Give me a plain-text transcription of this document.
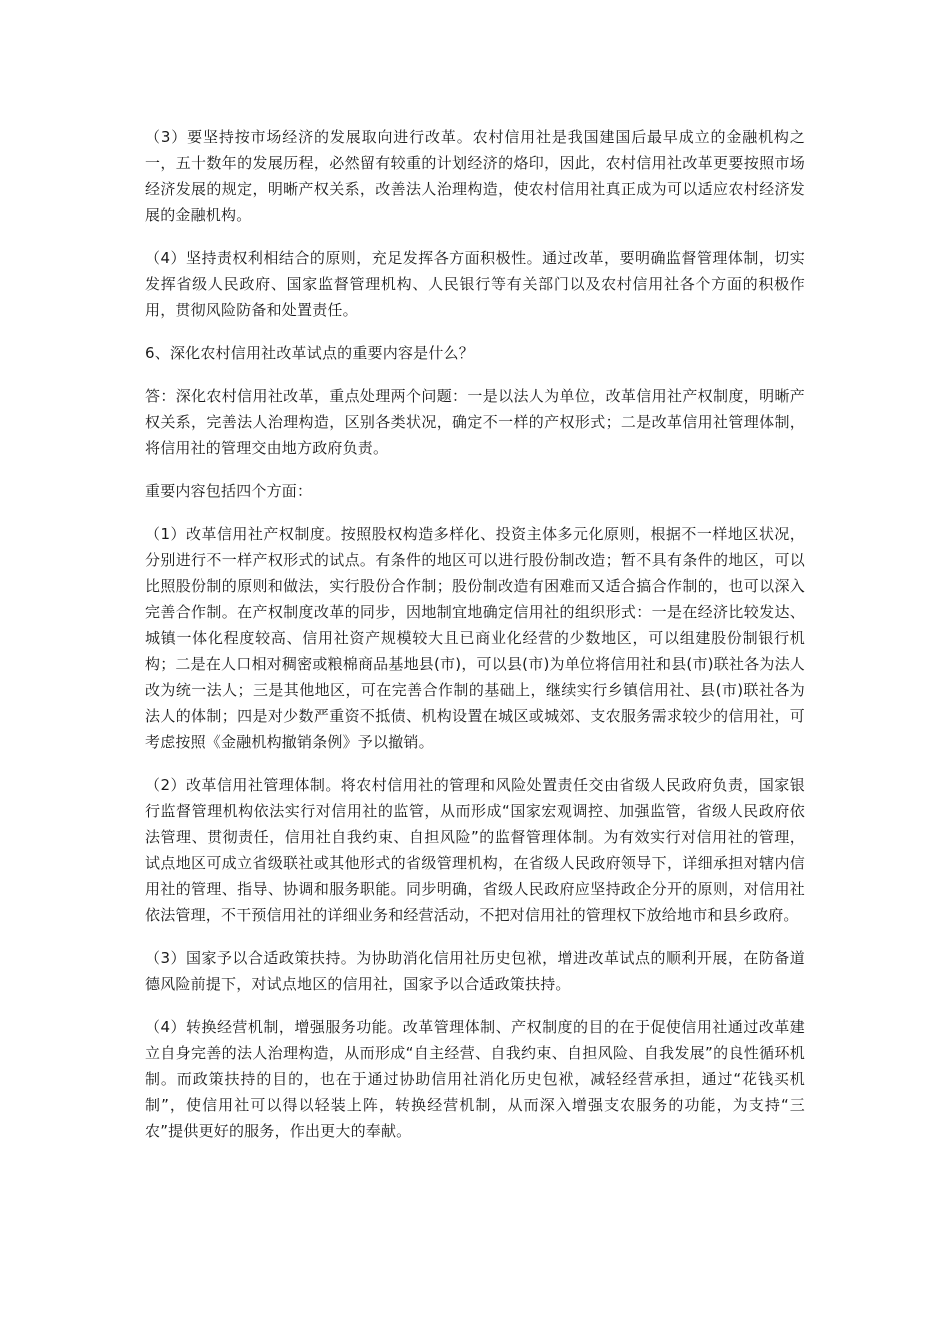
（3）要坚持按市场经济的发展取向进行改革。农村信用社是我国建国后最早成立的金融机构之一，五十数年的发展历程，必然留有较重的计划经济的烙印，因此，农村信用社改革更要按照市场经济发展的规定，明晰产权关系，改善法人治理构造，使农村信用社真正成为可以适应农村经济发展的金融机构。

（4）坚持责权利相结合的原则，充足发挥各方面积极性。通过改革，要明确监督管理体制，切实发挥省级人民政府、国家监督管理机构、人民银行等有关部门以及农村信用社各个方面的积极作用，贯彻风险防备和处置责任。

6、深化农村信用社改革试点的重要内容是什么？

答：深化农村信用社改革，重点处理两个问题：一是以法人为单位，改革信用社产权制度，明晰产权关系，完善法人治理构造，区别各类状况，确定不一样的产权形式；二是改革信用社管理体制，将信用社的管理交由地方政府负责。

重要内容包括四个方面：

（1）改革信用社产权制度。按照股权构造多样化、投资主体多元化原则，根据不一样地区状况，分别进行不一样产权形式的试点。有条件的地区可以进行股份制改造；暂不具有条件的地区，可以比照股份制的原则和做法，实行股份合作制；股份制改造有困难而又适合搞合作制的，也可以深入完善合作制。在产权制度改革的同步，因地制宜地确定信用社的组织形式：一是在经济比较发达、城镇一体化程度较高、信用社资产规模较大且已商业化经营的少数地区，可以组建股份制银行机构；二是在人口相对稠密或粮棉商品基地县(市)，可以县(市)为单位将信用社和县(市)联社各为法人改为统一法人；三是其他地区，可在完善合作制的基础上，继续实行乡镇信用社、县(市)联社各为法人的体制；四是对少数严重资不抵债、机构设置在城区或城郊、支农服务需求较少的信用社，可考虑按照《金融机构撤销条例》予以撤销。

（2）改革信用社管理体制。将农村信用社的管理和风险处置责任交由省级人民政府负责，国家银行监督管理机构依法实行对信用社的监管，从而形成“国家宏观调控、加强监管，省级人民政府依法管理、贯彻责任，信用社自我约束、自担风险”的监督管理体制。为有效实行对信用社的管理，试点地区可成立省级联社或其他形式的省级管理机构，在省级人民政府领导下，详细承担对辖内信用社的管理、指导、协调和服务职能。同步明确，省级人民政府应坚持政企分开的原则，对信用社依法管理，不干预信用社的详细业务和经营活动，不把对信用社的管理权下放给地市和县乡政府。

（3）国家予以合适政策扶持。为协助消化信用社历史包袱，增进改革试点的顺利开展，在防备道德风险前提下，对试点地区的信用社，国家予以合适政策扶持。

（4）转换经营机制，增强服务功能。改革管理体制、产权制度的目的在于促使信用社通过改革建立自身完善的法人治理构造，从而形成“自主经营、自我约束、自担风险、自我发展”的良性循环机制。而政策扶持的目的，也在于通过协助信用社消化历史包袱，减轻经营承担，通过“花钱买机制”，使信用社可以得以轻装上阵，转换经营机制，从而深入增强支农服务的功能，为支持“三农”提供更好的服务，作出更大的奉献。
